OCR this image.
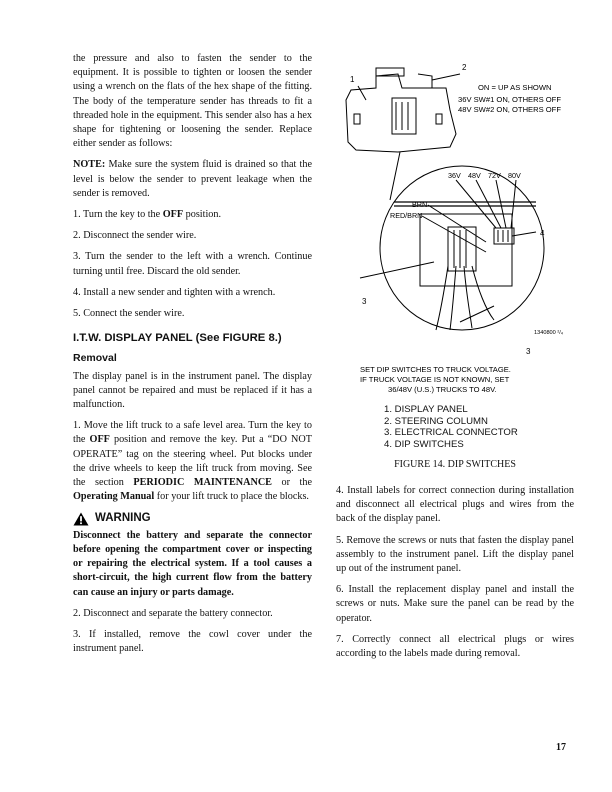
the pressure and also to fasten the sender to the equipment. It is possible to tighten or loosen the sender using a wrench on the flats of the hex shape of the fitting. The body of the temperature sender has threads to fit a threaded hole in the equipment. This sender also has a hex shape for tightening or loosening the sender. Replace either sender as follows:

NOTE: Make sure the system fluid is drained so that the level is below the sender to prevent leakage when the sender is removed.

1. Turn the key to the OFF position.

2. Disconnect the sender wire.

3. Turn the sender to the left with a wrench. Continue turning until free. Discard the old sender.

4. Install a new sender and tighten with a wrench.

5. Connect the sender wire.

I.T.W. DISPLAY PANEL (See FIGURE 8.)
Removal

The display panel is in the instrument panel. The display panel cannot be repaired and must be replaced if it has a malfunction.

1. Move the lift truck to a safe level area. Turn the key to the OFF position and remove the key. Put a “DO NOT OPERATE” tag on the steering wheel. Put blocks under the drive wheels to keep the lift truck from moving. See the section PERIODIC MAINTENANCE or the Operating Manual for your lift truck to place the blocks.

WARNING

Disconnect the battery and separate the connector before opening the compartment cover or inspecting or repairing the electrical system. If a tool causes a short-circuit, the high current flow from the battery can cause an injury or parts damage.

2. Disconnect and separate the battery connector.

3. If installed, remove the cowl cover under the instrument panel.

1
2
3
3
4
ON = UP AS SHOWN
36V SW#1 ON, OTHERS OFF
48V SW#2 ON, OTHERS OFF
36V 48V 72V 80V
BRN
RED/BRN
1340800 ²/₄
SET DIP SWITCHES TO TRUCK VOLTAGE.
IF TRUCK VOLTAGE IS NOT KNOWN, SET
36/48V (U.S.) TRUCKS TO 48V.
1. DISPLAY PANEL
2. STEERING COLUMN
3. ELECTRICAL CONNECTOR
4. DIP SWITCHES
FIGURE 14. DIP SWITCHES

4. Install labels for correct connection during installation and disconnect all electrical plugs and wires from the back of the display panel.

5. Remove the screws or nuts that fasten the display panel assembly to the instrument panel. Lift the display panel up out of the instrument panel.

6. Install the replacement display panel and install the screws or nuts. Make sure the panel can be read by the operator.

7. Correctly connect all electrical plugs or wires according to the labels made during removal.

17
